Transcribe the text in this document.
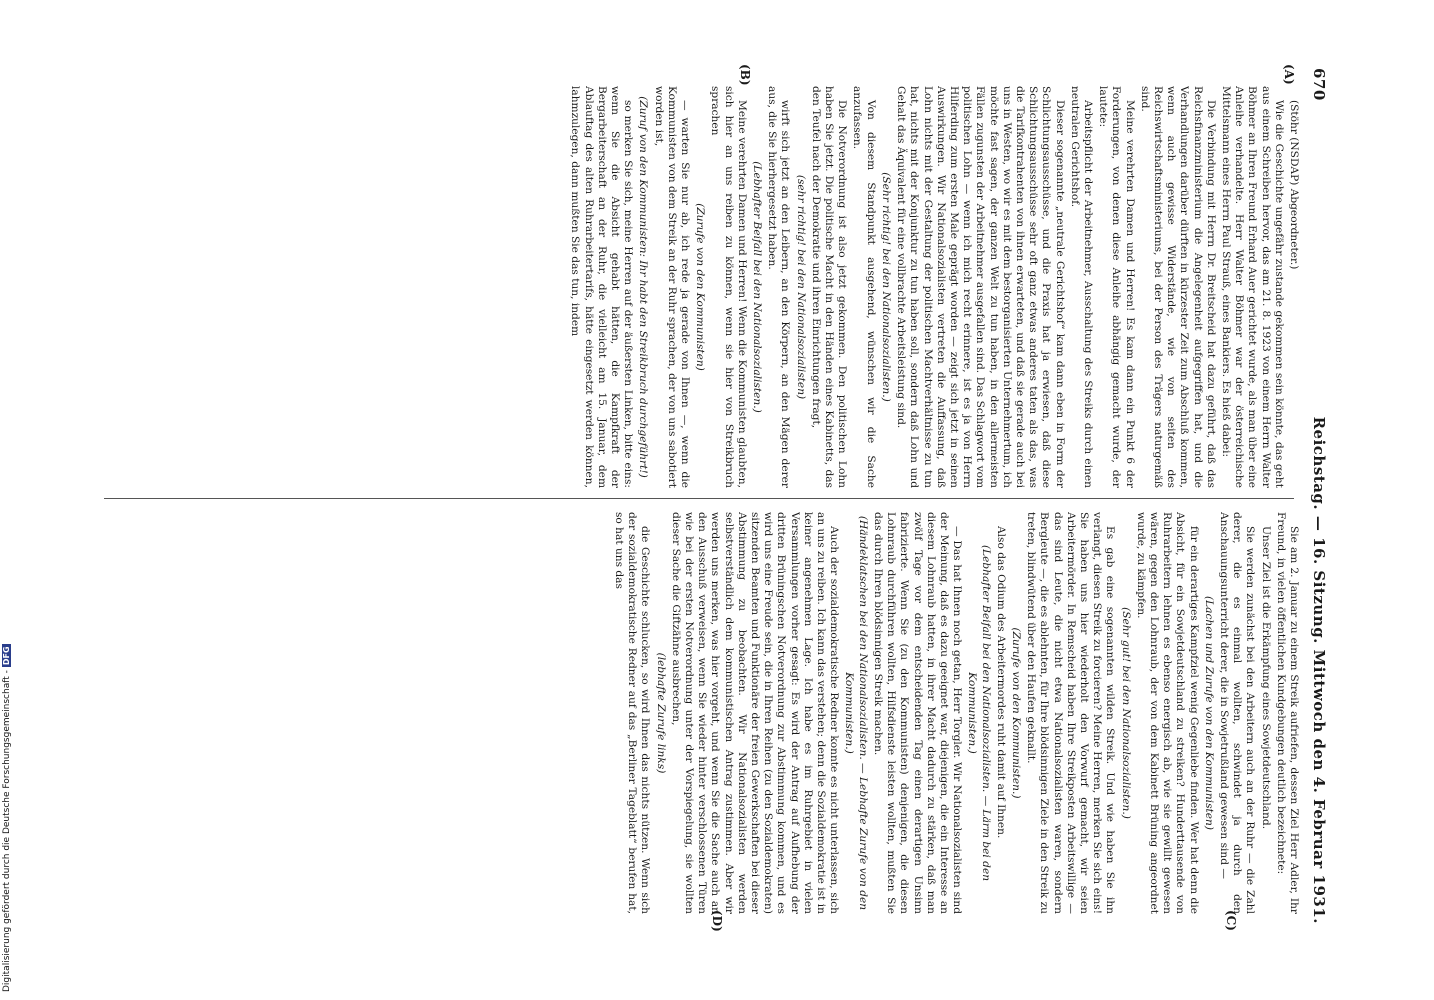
670
Reichstag. — 16. Sitzung. Mittwoch den 4. Februar 1931.
(A)
(B)
(C)
(D)

(Stöhr (NSDAP) Abgeordneter.)

Wie die Geschichte ungefähr zustande gekommen sein könnte, das geht aus einem Schreiben hervor, das am 21. 8. 1923 von einem Herrn Walter Böhmer an Ihren Freund Erhard Auer gerichtet wurde, als man über eine Anleihe verhandelte. Herr Walter Böhmer war der österreichische Mittelsmann eines Herrn Paul Strauß, eines Bankiers. Es hieß dabei:

Die Verbindung mit Herrn Dr. Breitscheid hat dazu geführt, daß das Reichsfinanzministerium die Angelegenheit aufgegriffen hat, und die Verhandlungen darüber dürften in kürzester Zeit zum Abschluß kommen, wenn auch gewisse Widerstände, wie von seiten des Reichswirtschaftsministeriums, bei der Person des Trägers naturgemäß sind.

Meine verehrten Damen und Herren! Es kam dann ein Punkt 6 der Forderungen, von denen diese Anleihe abhängig gemacht wurde, der lautete:

Arbeitspflicht der Arbeitnehmer, Ausschaltung des Streiks durch einen neutralen Gerichtshof.

Dieser sogenannte „neutrale Gerichtshof“ kam dann eben in Form der Schlichtungsausschüsse, und die Praxis hat ja erwiesen, daß diese Schlichtungsausschüsse sehr oft ganz etwas anderes taten als das, was die Tarifkontrahenten von ihnen erwarteten, und daß sie gerade auch bei uns in Westen, wo wir es mit dem bestorganisierten Unternehmertum, ich möchte fast sagen, der ganzen Welt zu tun haben, in den allermeisten Fällen zugunsten der Arbeitnehmer ausgefallen sind. Das Schlagwort vom politischen Lohn — wenn ich mich recht erinnere, ist es ja von Herrn Hilferding zum ersten Male geprägt worden — zeigt sich jetzt in seinen Auswirkungen. Wir Nationalsozialisten vertreten die Auffassung, daß Lohn nichts mit der Gestaltung der politischen Machtverhältnisse zu tun hat, nichts mit der Konjunktur zu tun haben soll, sondern daß Lohn und Gehalt das Äquivalent für eine vollbrachte Arbeitsleistung sind.

(Sehr richtig! bei den Nationalsozialisten.)

Von diesem Standpunkt ausgehend, wünschen wir die Sache anzufassen.

Die Notverordnung ist also jetzt gekommen. Den politischen Lohn haben Sie jetzt. Die politische Macht in den Händen eines Kabinetts, das den Teufel nach der Demokratie und ihren Einrichtungen fragt,

(sehr richtig! bei den Nationalsozialisten)

wirft sich jetzt an den Leibern, an den Körpern, an den Mägen derer aus, die Sie hierhergesetzt haben.

(Lebhafter Beifall bei den Nationalsozialisten.)

Meine verehrten Damen und Herren! Wenn die Kommunisten glaubten, sich hier an uns reiben zu können, wenn sie hier von Streikbruch sprachen

(Zurufe von den Kommunisten)

— warten Sie nur ab, ich rede ja gerade von Ihnen —, wenn die Kommunisten von dem Streik an der Ruhr sprachen, der von uns sabotiert worden ist,

(Zuruf von den Kommunisten: Ihr habt den Streikbruch durchgeführt!)

so merken Sie sich, meine Herren auf der äußersten Linken, bitte eins: wenn Sie die Absicht gehabt hätten, die Kampfkraft der Bergarbeiterschaft an der Ruhr, die vielleicht am 15. Januar, dem Ablauftag des alten Ruhrarbeitertarifs, hätte eingesetzt werden können, lahmzulegen, dann mußten Sie das tun, indem

Sie am 2. Januar zu einem Streik aufriefen, dessen Ziel Herr Adler, Ihr Freund, in vielen öffentlichen Kundgebungen deutlich bezeichnete:

Unser Ziel ist die Erkämpfung eines Sowjetdeutschland.

Sie werden zunächst bei den Arbeitern auch an der Ruhr — die Zahl derer, die es einmal wollten, schwindet ja durch den Anschauungsunterricht derer, die in Sowjetrußland gewesen sind —

(Lachen und Zurufe von den Kommunisten)

für ein derartiges Kampfziel wenig Gegenliebe finden. Wer hat denn die Absicht, für ein Sowjetdeutschland zu streiken? Hunderttausende von Ruhrarbeitern lehnen es ebenso energisch ab, wie sie gewillt gewesen wären, gegen den Lohnraub, der von dem Kabinett Brüning angeordnet wurde, zu kämpfen.

(Sehr gut! bei den Nationalsozialisten.)

Es gab eine sogenannten wilden Streik. Und wie haben Sie ihn verlangt, diesen Streik zu forcieren? Meine Herren, merken Sie sich eins! Sie haben uns hier wiederholt den Vorwurf gemacht, wir seien Arbeitermörder. In Remscheid haben Ihre Streikposten Arbeitswillige — das sind Leute, die nicht etwa Nationalsozialisten waren, sondern Bergleute —, die es ablehnten, für Ihre blödsinnigen Ziele in den Streik zu treten, blindwütend über den Haufen geknallt.

(Zurufe von den Kommunisten.)

Also das Odium des Arbeitermordes ruht damit auf Ihnen.

(Lebhafter Beifall bei den Nationalsozialisten. — Lärm bei den Kommunisten.)

— Das hat Ihnen noch getan, Herr Torgler. Wir Nationalsozialisten sind der Meinung, daß es dazu geeignet war, diejenigen, die ein Interesse an diesem Lohnraub hatten, in ihrer Macht dadurch zu stärken, daß man zwölf Tage vor dem entscheidenden Tag einen derartigen Unsinn fabrizierte. Wenn Sie (zu den Kommunisten) denjenigen, die diesen Lohnraub durchführen wollten, Hilfsdienste leisten wollten, mußten Sie das durch Ihren blödsinnigen Streik machen.

(Händeklatschen bei den Nationalsozialisten. — Lebhafte Zurufe von den Kommunisten.)

Auch der sozialdemokratische Redner konnte es nicht unterlassen, sich an uns zu reiben. Ich kann das verstehen; denn die Sozialdemokratie ist in keiner angenehmen Lage. Ich habe es im Ruhrgebiet in vielen Versammlungen vorher gesagt: Es wird der Antrag auf Aufhebung der dritten Brüningschen Notverordnung zur Abstimmung kommen, und es wird uns eine Freude sein, die in Ihren Reihen (zu den Sozialdemokraten) sitzenden Beamten und Funktionäre der freien Gewerkschaften bei dieser Abstimmung zu beobachten. Wir Nationalsozialisten werden selbstverständlich dem kommunistischen Antrag zustimmen. Aber wir werden uns merken, was hier vorgeht, und wenn Sie die Sache auch an den Ausschuß verweisen, wenn Sie wieder hinter verschlossenen Türen wie bei der ersten Notverordnung unter der Vorspiegelung, sie wollten dieser Sache die Giftzähne ausbrechen,

(lebhafte Zurufe links)

die Geschichte schlucken, so wird Ihnen das nichts nützen. Wenn sich der sozialdemokratische Redner auf das „Berliner Tageblatt“ berufen hat, so hat uns das

Digitalisierung gefördert durch die Deutsche Forschungsgemeinschaft -DFG
